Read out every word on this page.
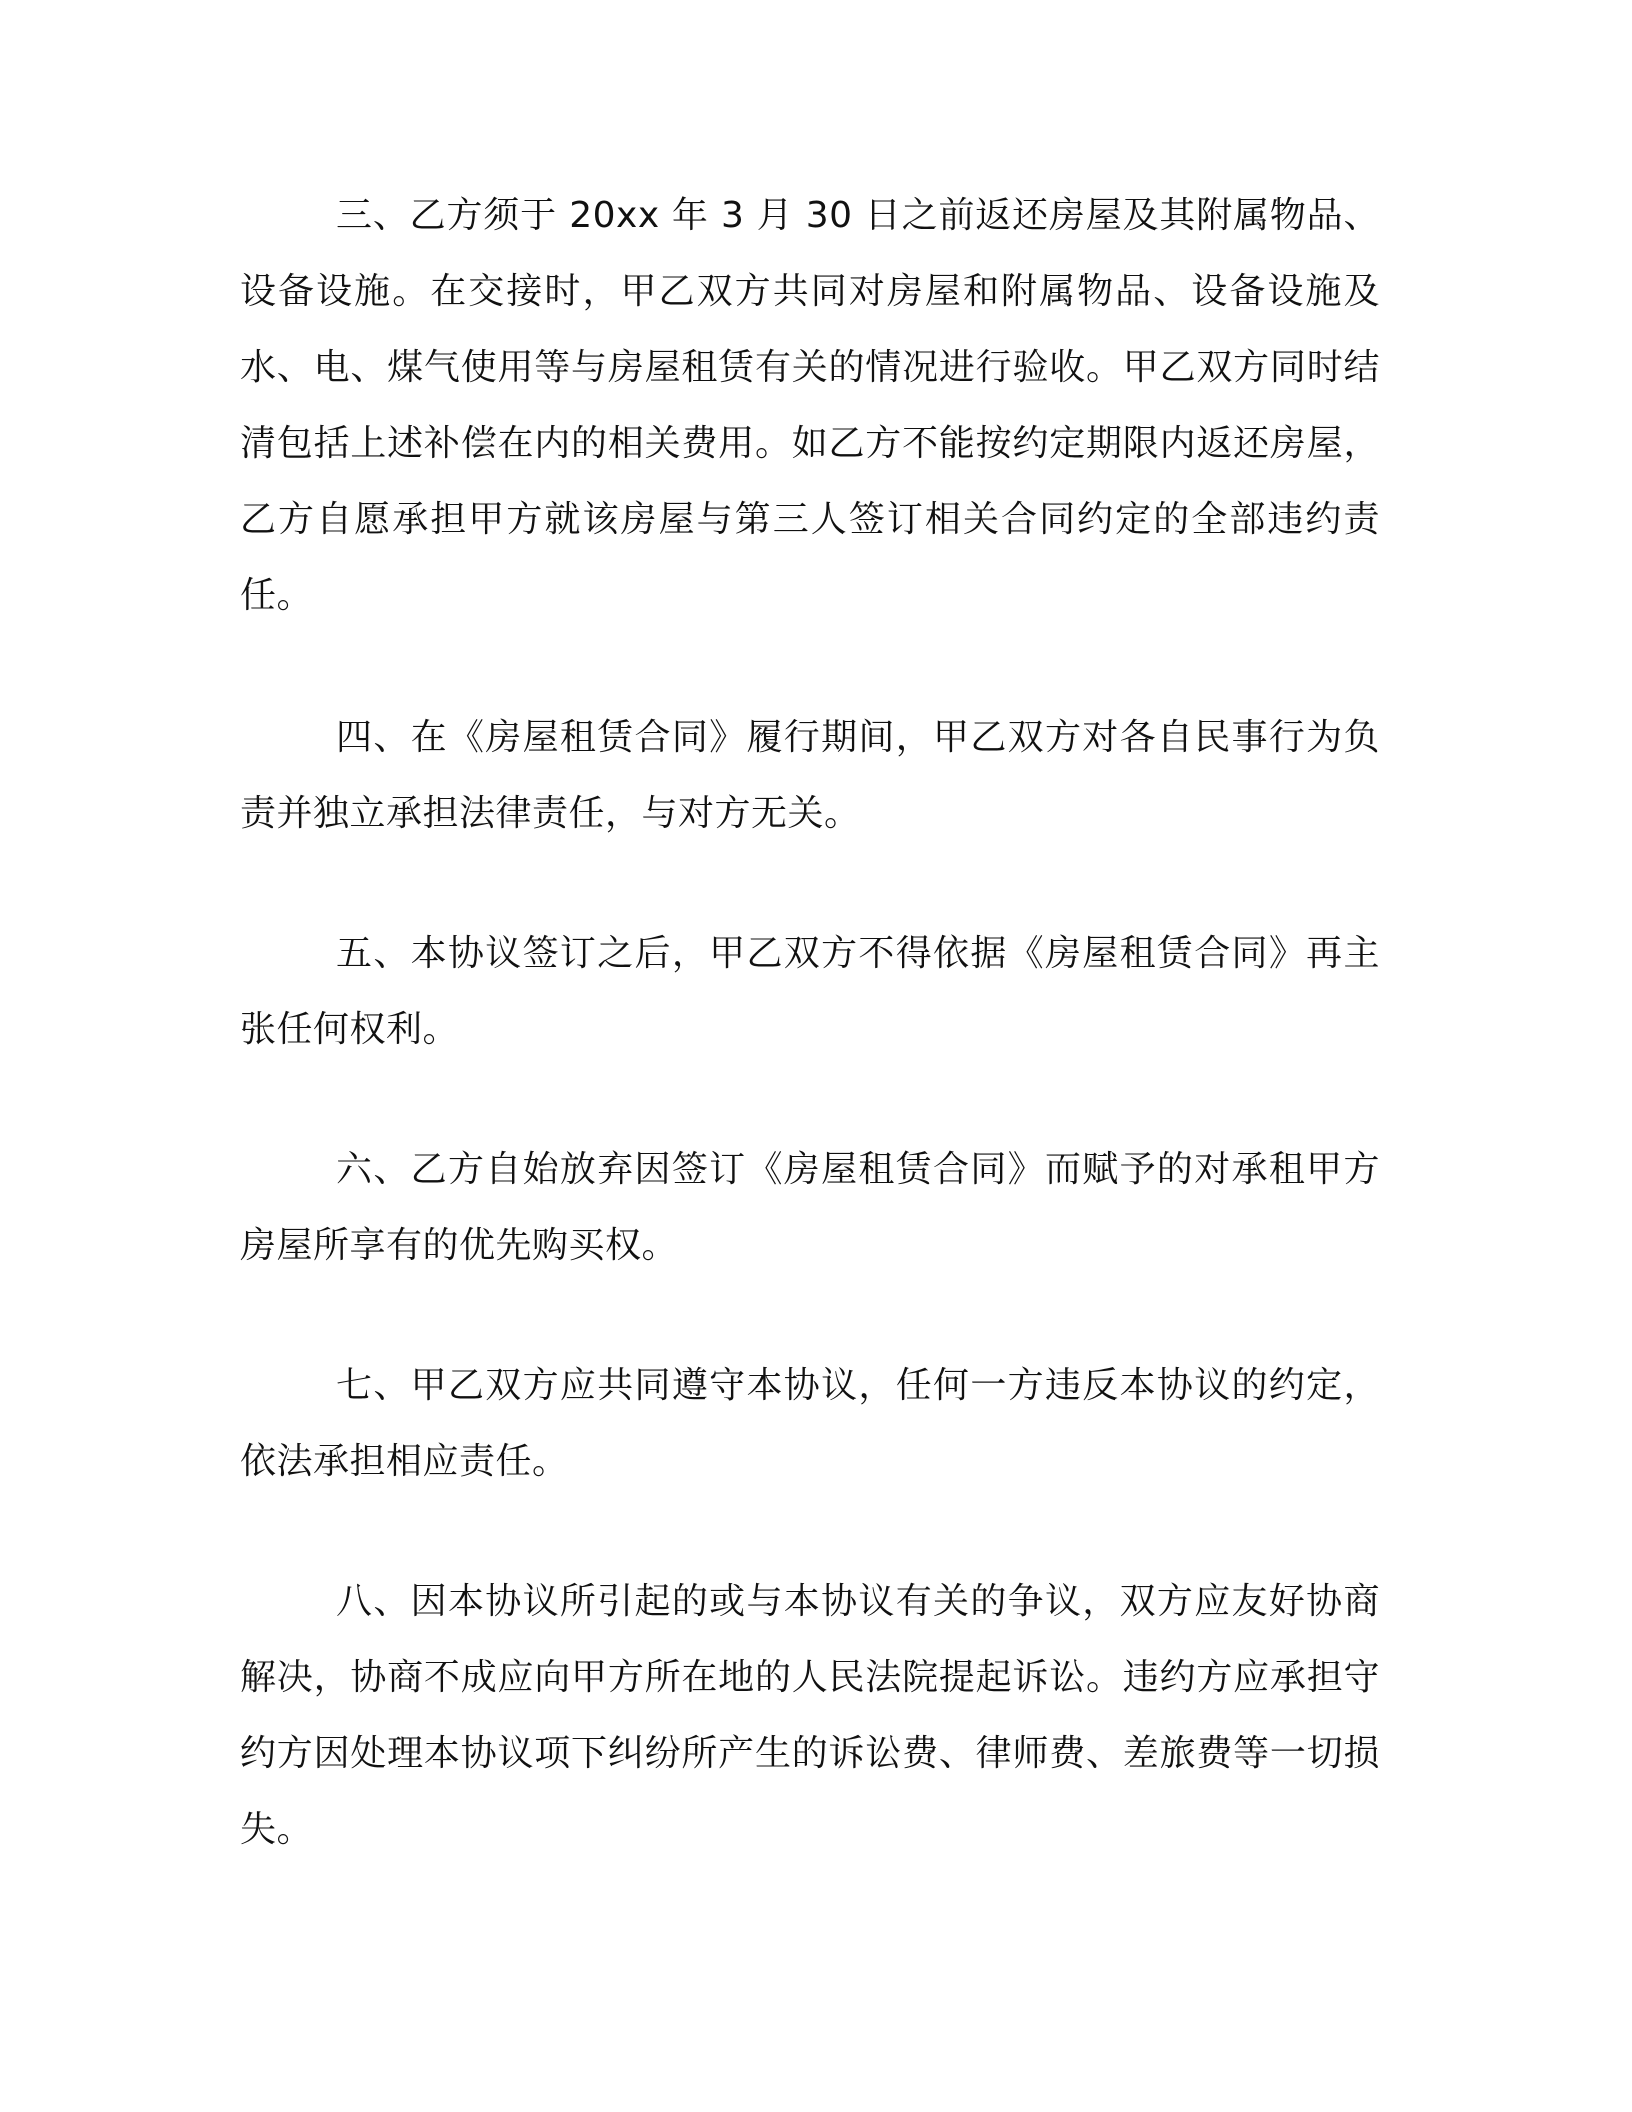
三、乙方须于 20xx 年 3 月 30 日之前返还房屋及其附属物品、设备设施。在交接时，甲乙双方共同对房屋和附属物品、设备设施及水、电、煤气使用等与房屋租赁有关的情况进行验收。甲乙双方同时结清包括上述补偿在内的相关费用。如乙方不能按约定期限内返还房屋，乙方自愿承担甲方就该房屋与第三人签订相关合同约定的全部违约责任。

四、在《房屋租赁合同》履行期间，甲乙双方对各自民事行为负责并独立承担法律责任，与对方无关。

五、本协议签订之后，甲乙双方不得依据《房屋租赁合同》再主张任何权利。

六、乙方自始放弃因签订《房屋租赁合同》而赋予的对承租甲方房屋所享有的优先购买权。

七、甲乙双方应共同遵守本协议，任何一方违反本协议的约定，依法承担相应责任。

八、因本协议所引起的或与本协议有关的争议，双方应友好协商解决，协商不成应向甲方所在地的人民法院提起诉讼。违约方应承担守约方因处理本协议项下纠纷所产生的诉讼费、律师费、差旅费等一切损失。
